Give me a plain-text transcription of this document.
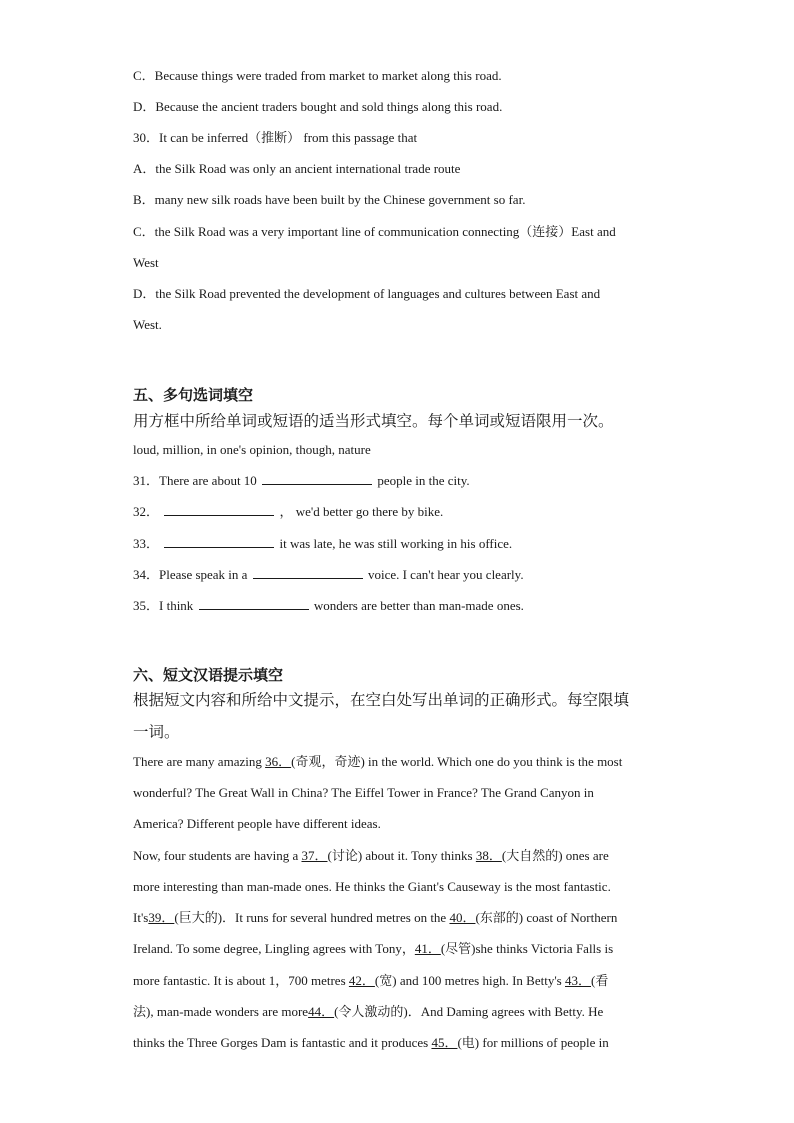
C．Because things were traded from market to market along this road.
D．Because the ancient traders bought and sold things along this road.
30．It can be inferred（推断） from this passage that
A．the Silk Road was only an ancient international trade route
B．many new silk roads have been built by the Chinese government so far.
C．the Silk Road was a very important line of communication connecting（连接）East and
West
D．the Silk Road prevented the development of languages and cultures between East and
West.
五、多句选词填空
用方框中所给单词或短语的适当形式填空。每个单词或短语限用一次。
loud, million, in one's opinion, though, nature
31．There are about 10	people in the city.
32．	， we'd better go there by bike.
33．	it was late, he was still working in his office.
34．Please speak in a	voice. I can't hear you clearly.
35．I think	wonders are better than man-made ones.
六、短文汉语提示填空
根据短文内容和所给中文提示，在空白处写出单词的正确形式。每空限填
一词。
There are many amazing 36．(奇观，奇迹) in the world. Which one do you think is the most
wonderful? The Great Wall in China? The Eiffel Tower in France? The Grand Canyon in
America? Different people have different ideas.
Now, four students are having a 37．(讨论) about it. Tony thinks 38．(大自然的) ones are
more interesting than man-made ones. He thinks the Giant's Causeway is the most fantastic.
It's39．(巨大的)．It runs for several hundred metres on the 40．(东部的) coast of Northern
Ireland. To some degree, Lingling agrees with Tony，41．(尽管)she thinks Victoria Falls is
more fantastic. It is about 1，700 metres 42．(宽) and 100 metres high. In Betty's 43．(看
法), man-made wonders are more44．(令人激动的)．And Daming agrees with Betty. He
thinks the Three Gorges Dam is fantastic and it produces 45．(电) for millions of people in
